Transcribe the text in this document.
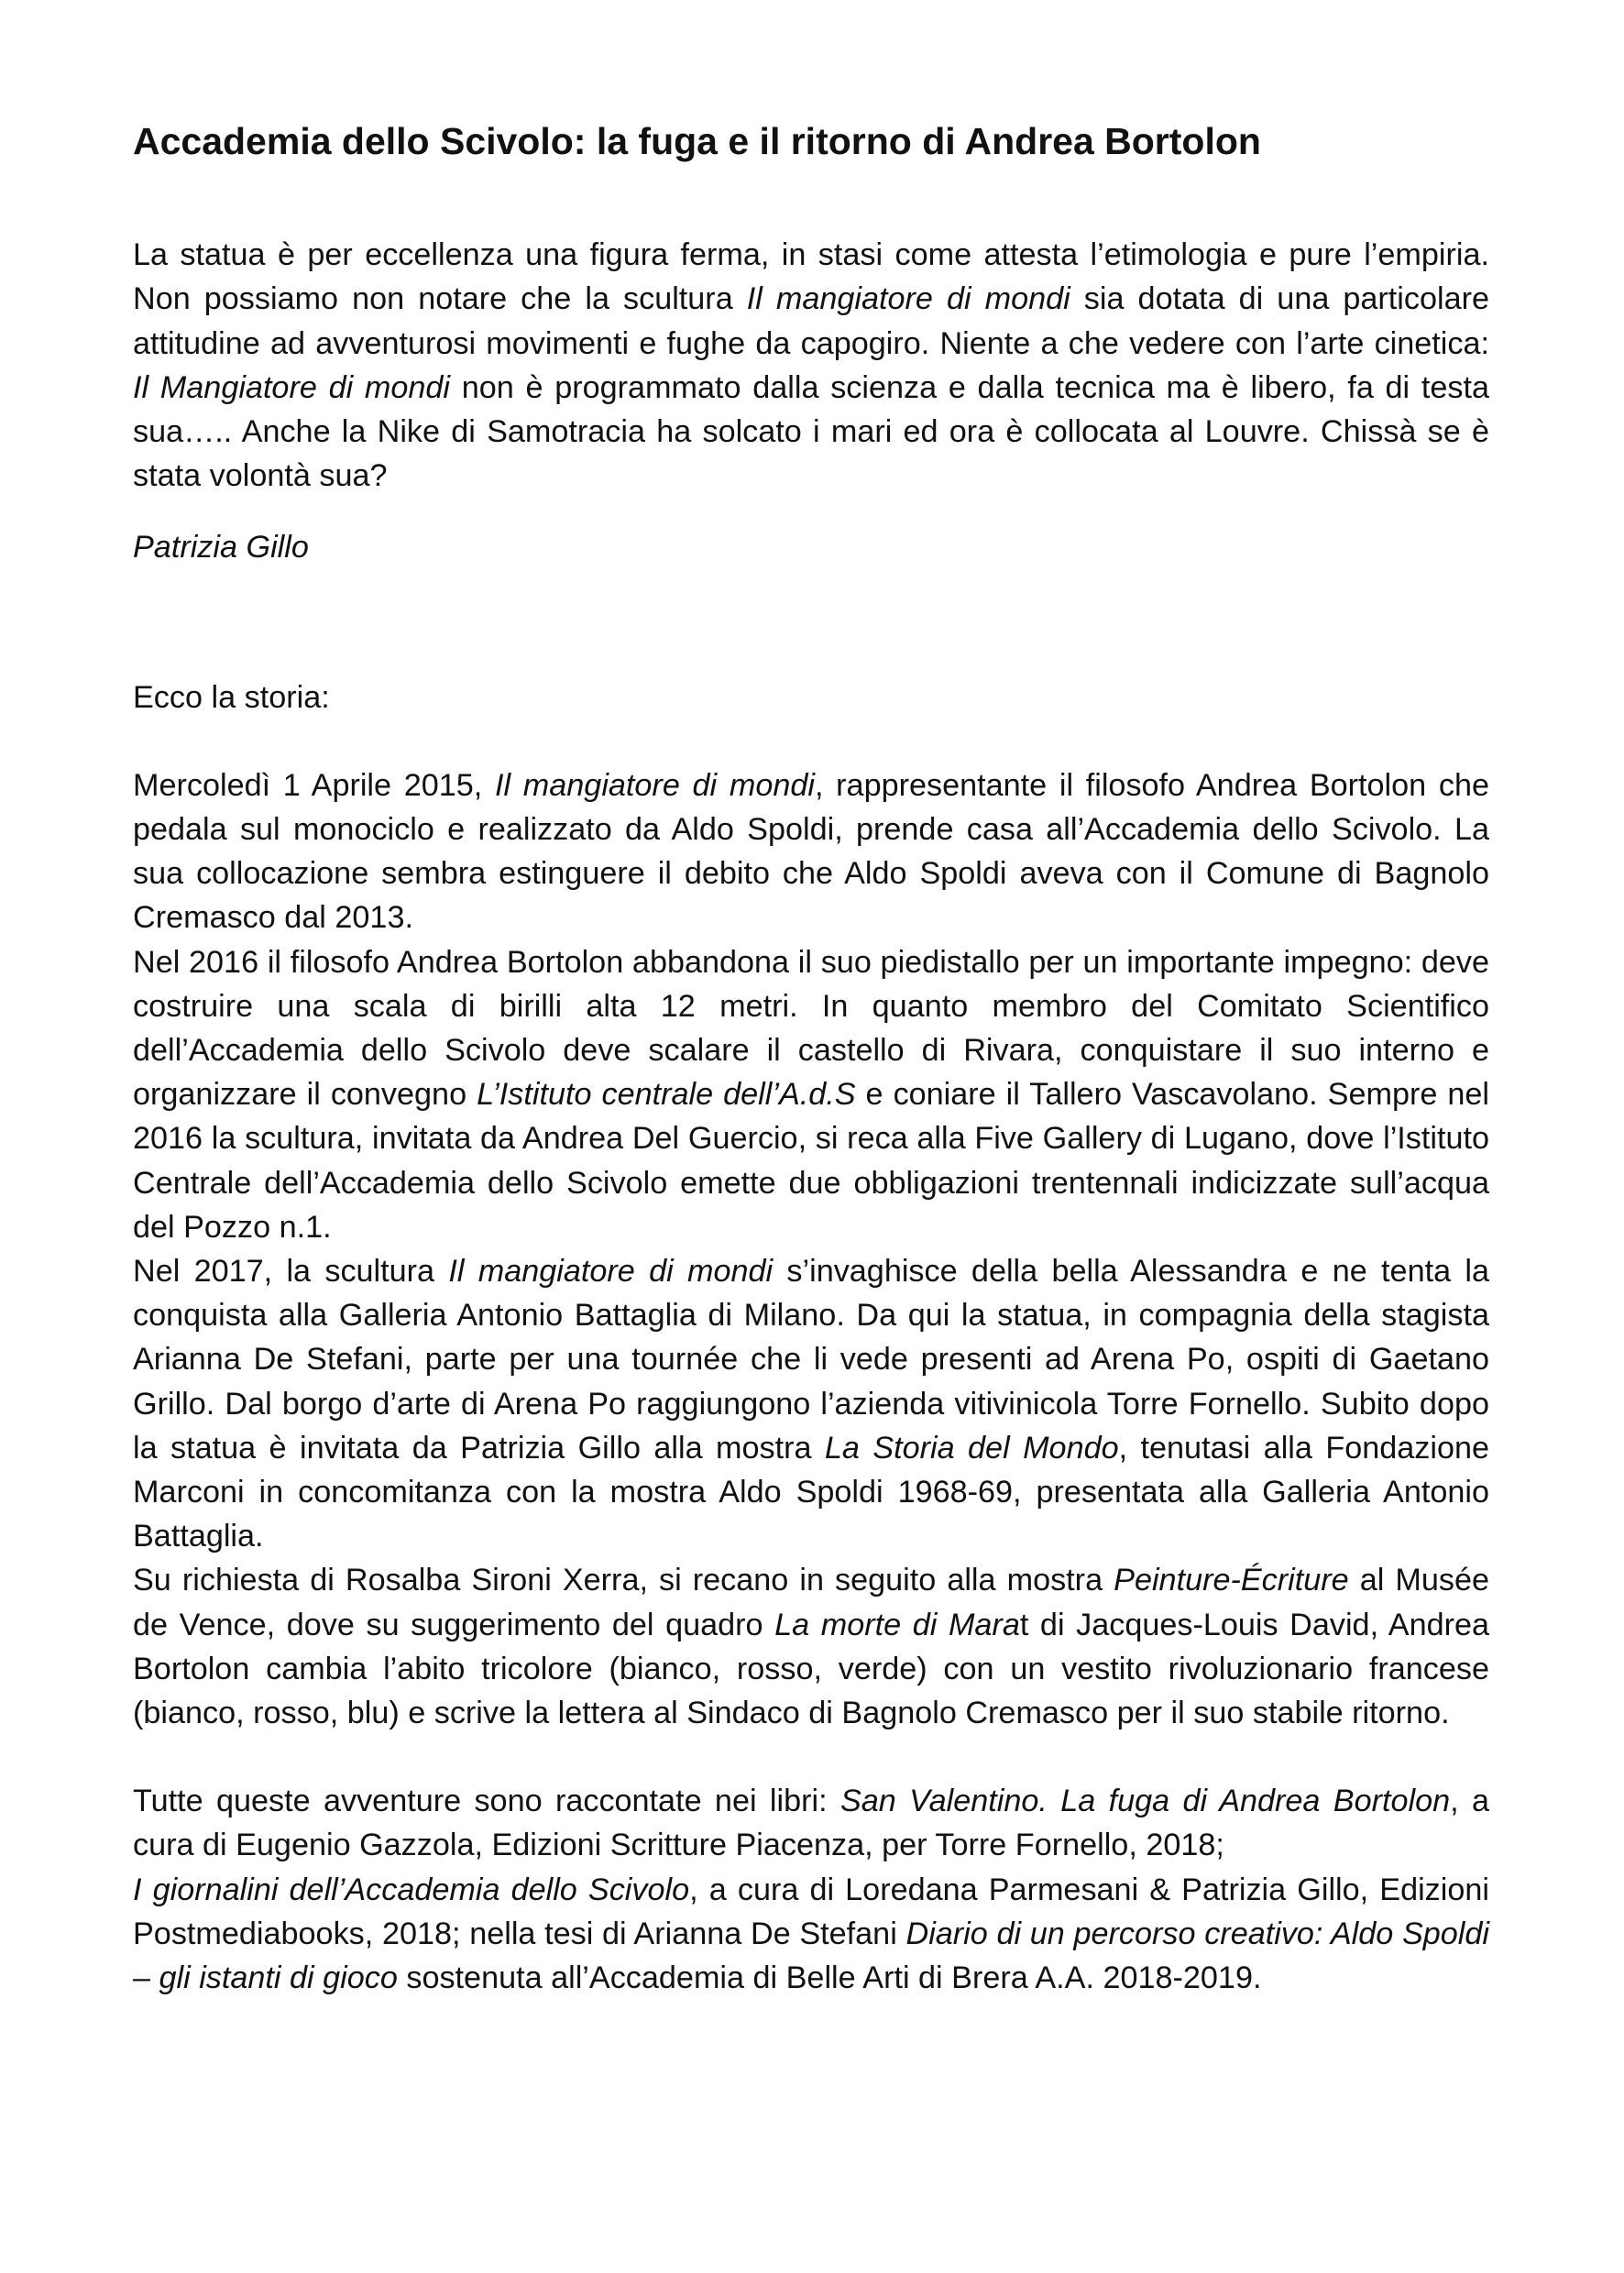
Accademia dello Scivolo: la fuga e il ritorno di Andrea Bortolon

La statua è per eccellenza una figura ferma, in stasi come attesta l’etimologia e pure l’empiria. Non possiamo non notare che la scultura Il mangiatore di mondi sia dotata di una particolare attitudine ad avventurosi movimenti e fughe da capogiro. Niente a che vedere con l’arte cinetica: Il Mangiatore di mondi non è programmato dalla scienza e dalla tecnica ma è libero, fa di testa sua….. Anche la Nike di Samotracia ha solcato i mari ed ora è collocata al Louvre. Chissà se è stata volontà sua?

Patrizia Gillo

Ecco la storia:

Mercoledì 1 Aprile 2015, Il mangiatore di mondi, rappresentante il filosofo Andrea Bortolon che pedala sul monociclo e realizzato da Aldo Spoldi, prende casa all’Accademia dello Scivolo. La sua collocazione sembra estinguere il debito che Aldo Spoldi aveva con il Comune di Bagnolo Cremasco dal 2013.
Nel 2016 il filosofo Andrea Bortolon abbandona il suo piedistallo per un importante impegno: deve costruire una scala di birilli alta 12 metri. In quanto membro del Comitato Scientifico dell’Accademia dello Scivolo deve scalare il castello di Rivara, conquistare il suo interno e organizzare il convegno L’Istituto centrale dell’A.d.S e coniare il Tallero Vascavolano. Sempre nel 2016 la scultura, invitata da Andrea Del Guercio, si reca alla Five Gallery di Lugano, dove l’Istituto Centrale dell’Accademia dello Scivolo emette due obbligazioni trentennali indicizzate sull’acqua del Pozzo n.1.
Nel 2017, la scultura Il mangiatore di mondi s’invaghisce della bella Alessandra e ne tenta la conquista alla Galleria Antonio Battaglia di Milano. Da qui la statua, in compagnia della stagista Arianna De Stefani, parte per una tournée che li vede presenti ad Arena Po, ospiti di Gaetano Grillo. Dal borgo d’arte di Arena Po raggiungono l’azienda vitivinicola Torre Fornello. Subito dopo la statua è invitata da Patrizia Gillo alla mostra La Storia del Mondo, tenutasi alla Fondazione Marconi in concomitanza con la mostra Aldo Spoldi 1968-69, presentata alla Galleria Antonio Battaglia.
Su richiesta di Rosalba Sironi Xerra, si recano in seguito alla mostra Peinture-Écriture al Musée de Vence, dove su suggerimento del quadro La morte di Marat di Jacques-Louis David, Andrea Bortolon cambia l’abito tricolore (bianco, rosso, verde) con un vestito rivoluzionario francese (bianco, rosso, blu) e scrive la lettera al Sindaco di Bagnolo Cremasco per il suo stabile ritorno.

Tutte queste avventure sono raccontate nei libri: San Valentino. La fuga di Andrea Bortolon, a cura di Eugenio Gazzola, Edizioni Scritture Piacenza, per Torre Fornello, 2018;
I giornalini dell’Accademia dello Scivolo, a cura di Loredana Parmesani & Patrizia Gillo, Edizioni Postmediabooks, 2018; nella tesi di Arianna De Stefani Diario di un percorso creativo: Aldo Spoldi – gli istanti di gioco sostenuta all’Accademia di Belle Arti di Brera A.A. 2018-2019.
